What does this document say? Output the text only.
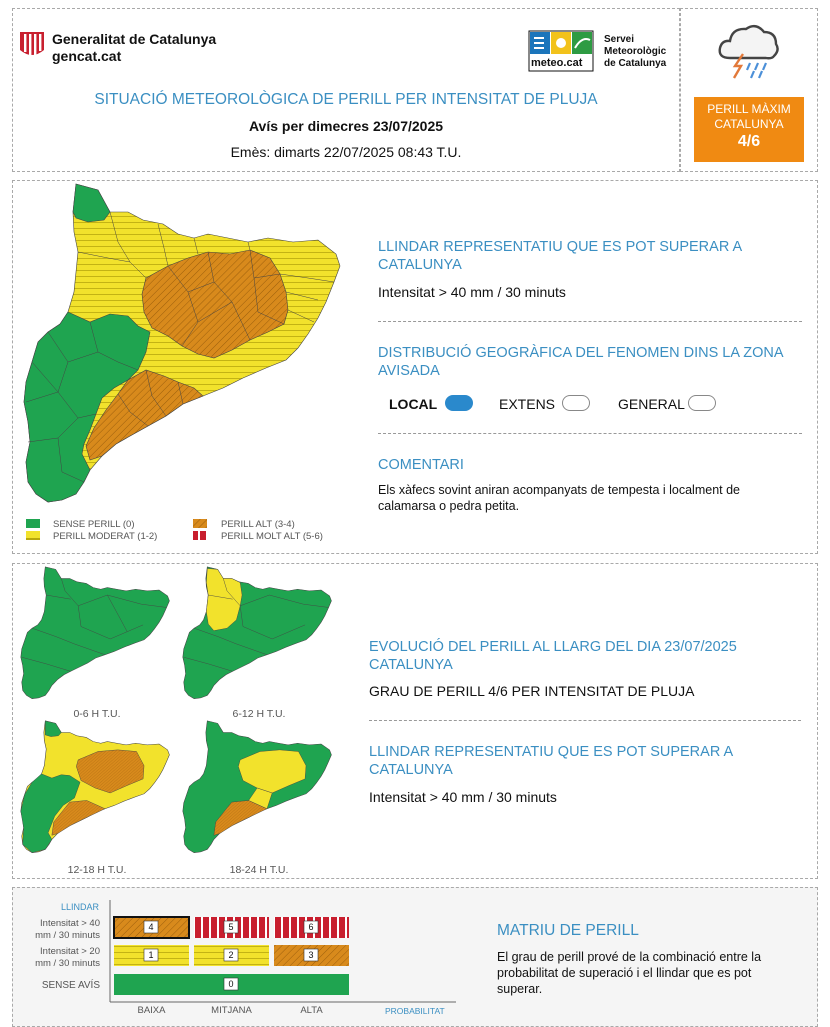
Generalitat de Catalunya
gencat.cat	meteo.cat
Servei
Meteorològic
de Catalunya
SITUACIÓ METEOROLÒGICA DE PERILL PER INTENSITAT DE PLUJA
Avís per dimecres 23/07/2025
Emès: dimarts 22/07/2025 08:43 T.U.
PERILL MÀXIM
CATALUNYA
4/6
SENSE PERILL (0)
PERILL MODERAT (1-2)
PERILL ALT (3-4)
PERILL MOLT ALT (5-6)
LLINDAR REPRESENTATIU QUE ES POT SUPERAR A CATALUNYA
Intensitat > 40 mm / 30 minuts
DISTRIBUCIÓ GEOGRÀFICA DEL FENOMEN DINS LA ZONA AVISADA
LOCAL	EXTENS	GENERAL
COMENTARI
Els xàfecs sovint aniran acompanyats de tempesta i localment de calamarsa o pedra petita.
0-6 H T.U.	6-12 H T.U.
12-18 H T.U.	18-24 H T.U.
EVOLUCIÓ DEL PERILL AL LLARG DEL DIA 23/07/2025 CATALUNYA
GRAU DE PERILL 4/6 PER INTENSITAT DE PLUJA
LLINDAR REPRESENTATIU QUE ES POT SUPERAR A CATALUNYA
Intensitat > 40 mm / 30 minuts
LLINDAR
Intensitat > 40
mm / 30 minuts
Intensitat > 20
mm / 30 minuts
SENSE AVÍS
4	5	6
1	2	3
0
BAIXA	MITJANA	ALTA	PROBABILITAT
MATRIU DE PERILL
El grau de perill prové de la combinació entre la probabilitat de superació i el llindar que es pot superar.
